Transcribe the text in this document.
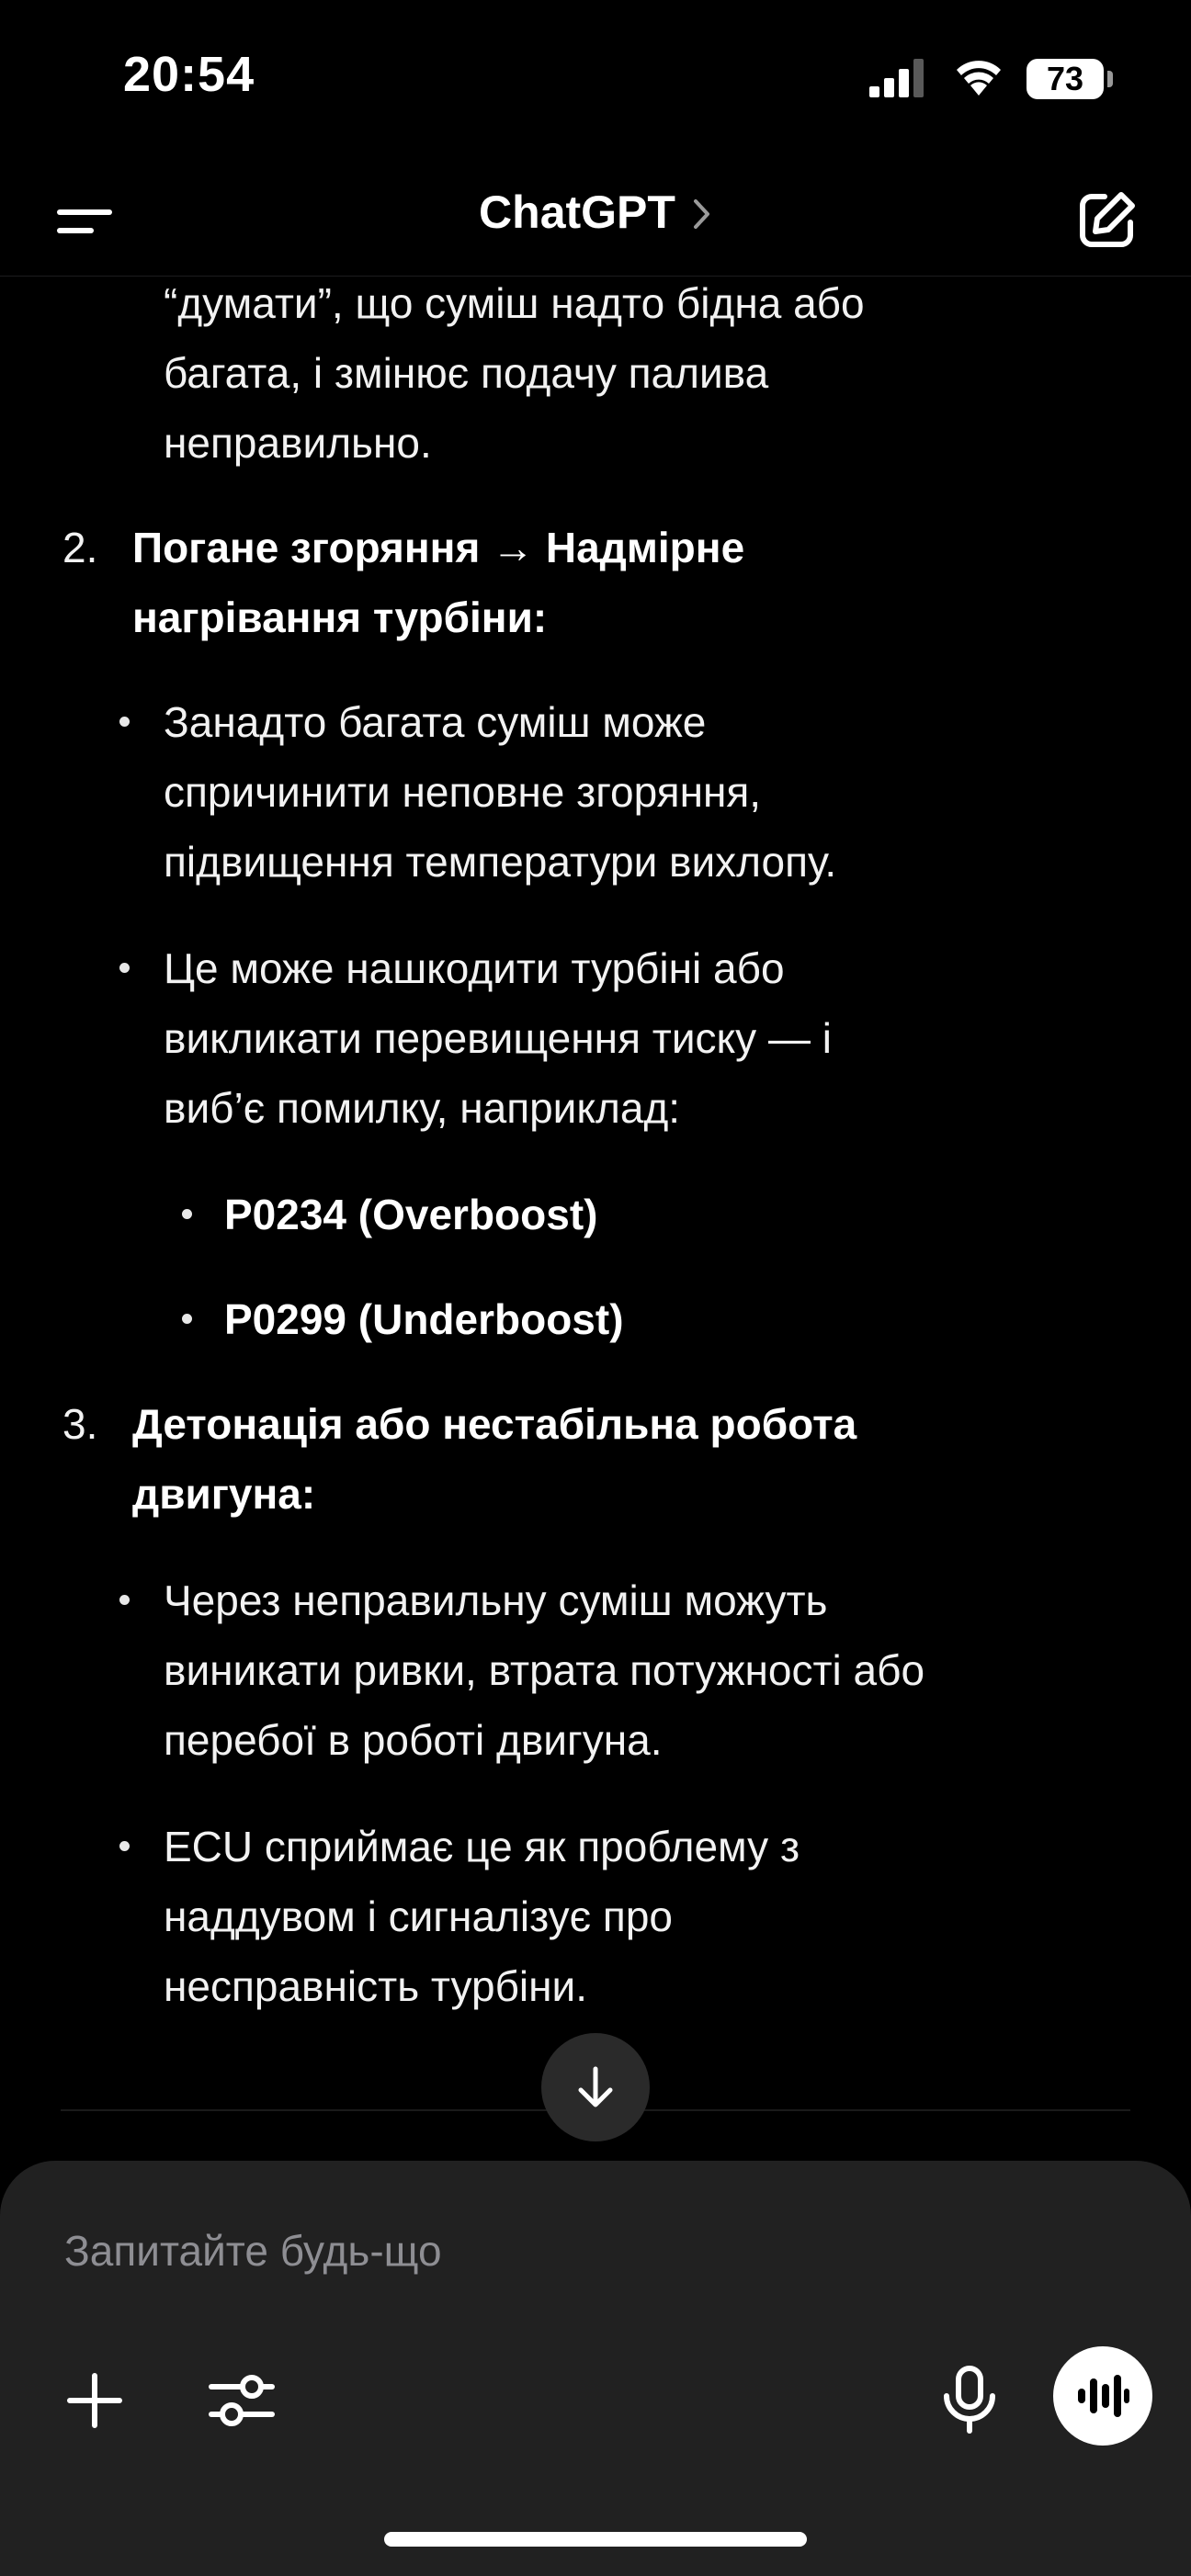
20:54	73
ChatGPT
“думати”, що суміш надто бідна або
багата, і змінює подачу палива
неправильно.
2. Погане згоряння → Надмірне
нагрівання турбіни:
Занадто багата суміш може
спричинити неповне згоряння,
підвищення температури вихлопу.
Це може нашкодити турбіні або
викликати перевищення тиску — і
виб’є помилку, наприклад:
P0234 (Overboost)
P0299 (Underboost)
3. Детонація або нестабільна робота
двигуна:
Через неправильну суміш можуть
виникати ривки, втрата потужності або
перебої в роботі двигуна.
ECU сприймає це як проблему з
наддувом і сигналізує про
несправність турбіни.
Запитайте будь-що
